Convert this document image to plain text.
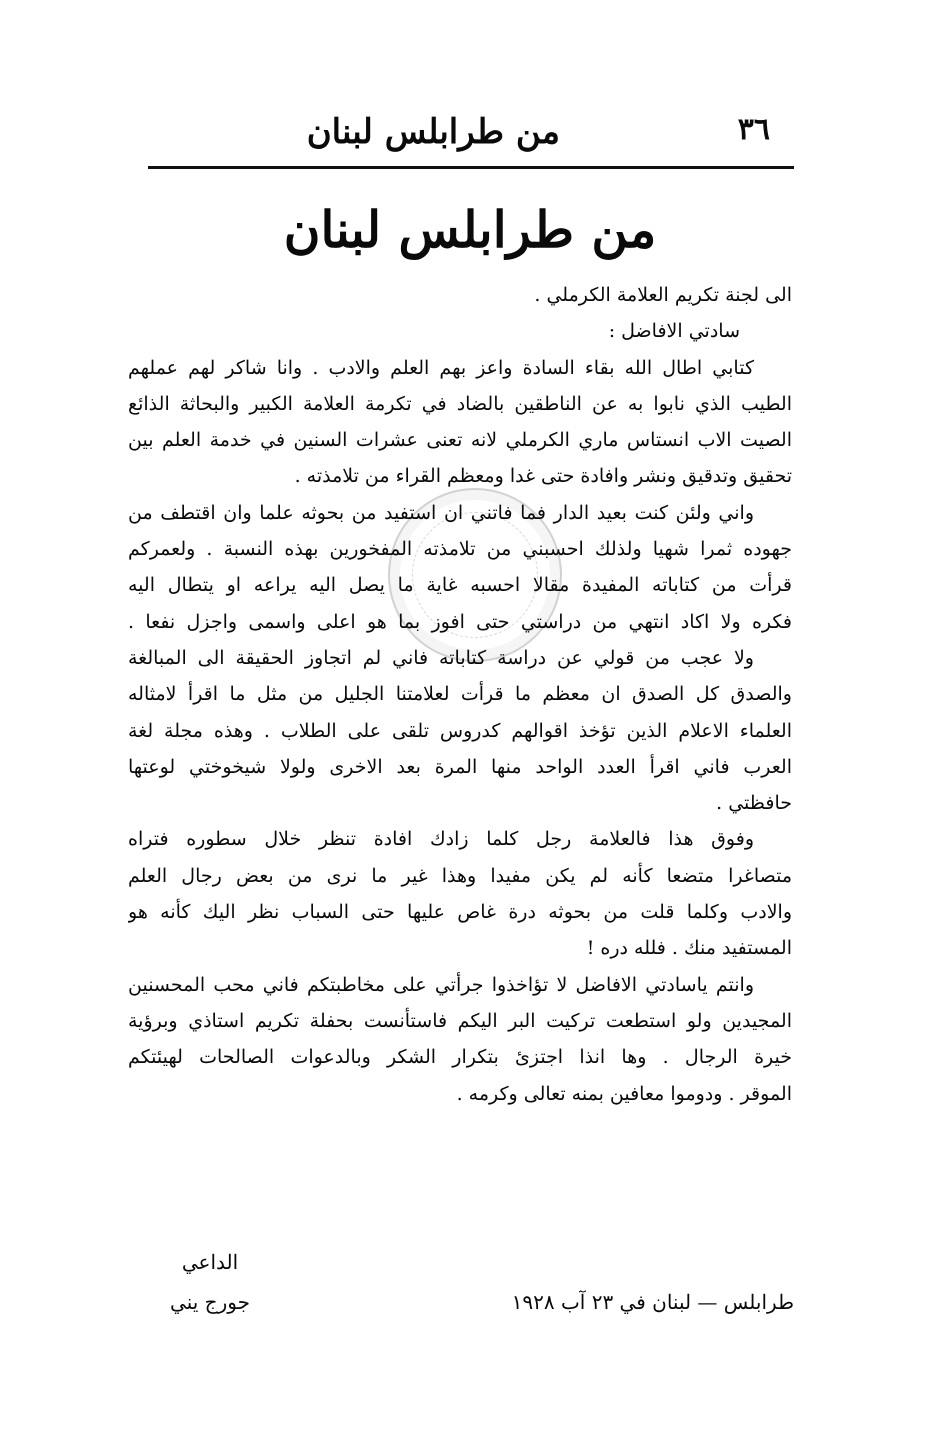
٣٦
من طرابلس لبنان
من طرابلس لبنان
الى لجنة تكريم العلامة الكرملي .
سادتي الافاضل :
كتابي اطال الله بقاء السادة واعز بهم العلم والادب . وانا شاكر لهم عملهم
الطيب الذي نابوا به عن الناطقين بالضاد في تكرمة العلامة الكبير والبحاثة الذائع
الصيت الاب انستاس ماري الكرملي لانه تعنى عشرات السنين في خدمة العلم بين
تحقيق وتدقيق ونشر وافادة حتى غدا ومعظم القراء من تلامذته .
واني ولئن كنت بعيد الدار فما فاتني ان استفيد من بحوثه علما وان اقتطف من
جهوده ثمرا شهيا ولذلك احسبني من تلامذته المفخورين بهذه النسبة . ولعمركم
قرأت من كتاباته المفيدة مقالا احسبه غاية ما يصل اليه يراعه او يتطال اليه
فكره ولا اكاد انتهي من دراستي حتى افوز بما هو اعلى واسمى واجزل نفعا .
ولا عجب من قولي عن دراسة كتاباته فاني لم اتجاوز الحقيقة الى المبالغة
والصدق كل الصدق ان معظم ما قرأت لعلامتنا الجليل من مثل ما اقرأ لامثاله
العلماء الاعلام الذين تؤخذ اقوالهم كدروس تلقى على الطلاب . وهذه مجلة لغة
العرب فاني اقرأ العدد الواحد منها المرة بعد الاخرى ولولا شيخوختي لوعتها
حافظتي .
وفوق هذا فالعلامة رجل كلما زادك افادة تنظر خلال سطوره فتراه
متصاغرا متضعا كأنه لم يكن مفيدا وهذا غير ما نرى من بعض رجال العلم
والادب وكلما قلت من بحوثه درة غاص عليها حتى السباب نظر اليك كأنه هو
المستفيد منك . فلله دره !
وانتم ياسادتي الافاضل لا تؤاخذوا جرأتي على مخاطبتكم فاني محب المحسنين
المجيدين ولو استطعت تركيت البر اليكم فاستأنست بحفلة تكريم استاذي وبرؤية
خيرة الرجال . وها انذا اجتزئ بتكرار الشكر وبالدعوات الصالحات لهيئتكم
الموقر . ودوموا معافين بمنه تعالى وكرمه .
الداعي
جورج يني	طرابلس — لبنان في ٢٣ آب ١٩٢٨
